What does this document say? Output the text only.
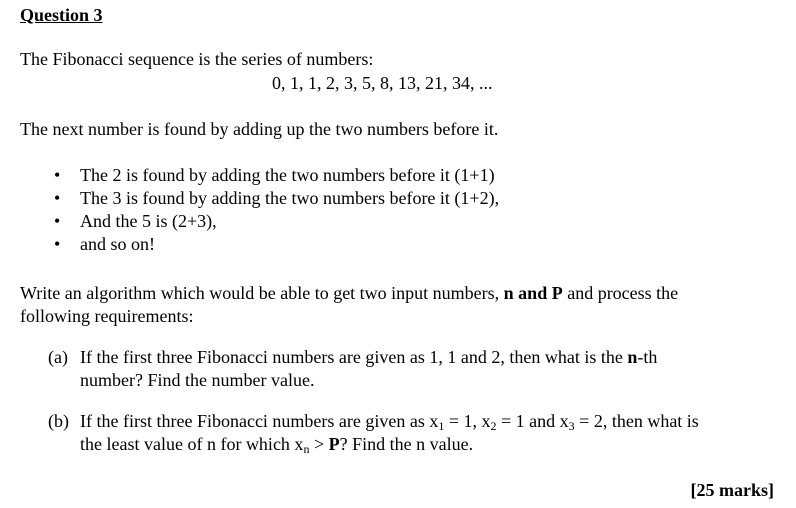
Question 3
The Fibonacci sequence is the series of numbers:
0, 1, 1, 2, 3, 5, 8, 13, 21, 34, ...
The next number is found by adding up the two numbers before it.
• The 2 is found by adding the two numbers before it (1+1)
• The 3 is found by adding the two numbers before it (1+2),
• And the 5 is (2+3),
• and so on!
Write an algorithm which would be able to get two input numbers, n and P and process the
following requirements:
(a) If the first three Fibonacci numbers are given as 1, 1 and 2, then what is the n-th
number? Find the number value.
(b) If the first three Fibonacci numbers are given as $x_1 = 1$, $x_2 = 1$ and $x_3 = 2$, then what is
the least value of n for which $x_n > P$? Find the n value.
[25 marks]
